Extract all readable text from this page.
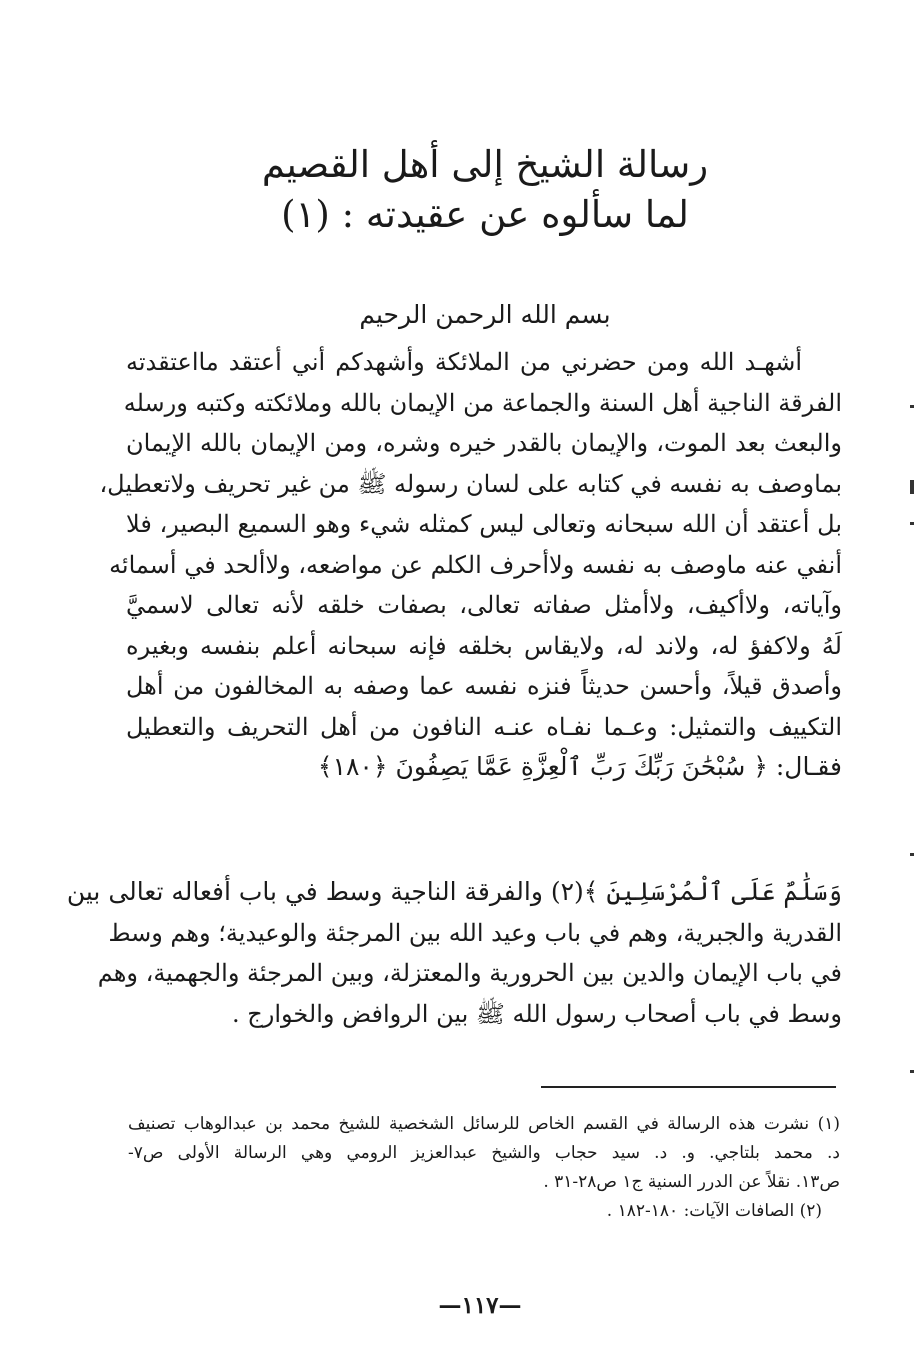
رسالة الشيخ إلى أهل القصيم
لما سألوه عن عقيدته : (١)
بسم الله الرحمن الرحيم
أشهـد الله ومن حضرني من الملائكة وأشهدكم أني أعتقد مااعتقدته
الفرقة الناجية أهل السنة والجماعة من الإيمان بالله وملائكته وكتبه ورسله
والبعث بعد الموت، والإيمان بالقدر خيره وشره، ومن الإيمان بالله الإيمان
بماوصف به نفسه في كتابه على لسان رسوله ﷺ من غير تحريف ولاتعطيل،
بل أعتقد أن الله سبحانه وتعالى ليس كمثله شيء وهو السميع البصير، فلا
أنفي عنه ماوصف به نفسه ولاأحرف الكلم عن مواضعه، ولاألحد في أسمائه
وآياته، ولاأكيف، ولاأمثل صفاته تعالى، بصفات خلقه لأنه تعالى لاسميَّ
لَهُ ولاكفؤ له، ولاند له، ولايقاس بخلقه فإنه سبحانه أعلم بنفسه وبغيره
وأصدق قيلاً، وأحسن حديثاً فنزه نفسه عما وصفه به المخالفون من أهل
التكييف والتمثيل: وعـما نفـاه عنـه النافون من أهل التحريف والتعطيل
فقـال: ﴿ سُبْحَٰنَ رَبِّكَ رَبِّ ٱلْعِزَّةِ عَمَّا يَصِفُونَ ﴿١٨٠﴾
وَسَلَٰمٌ عَلَى ٱلْمُرْسَلِينَ ﴾(٢) والفرقة الناجية وسط في باب أفعاله تعالى بين
القدرية والجبرية، وهم في باب وعيد الله بين المرجئة والوعيدية؛ وهم وسط
في باب الإيمان والدين بين الحرورية والمعتزلة، وبين المرجئة والجهمية، وهم
وسط في باب أصحاب رسول الله ﷺ بين الروافض والخوارج .
(١) نشرت هذه الرسالة في القسم الخاص للرسائل الشخصية للشيخ محمد بن عبدالوهاب تصنيف
د. محمد بلتاجي. و. د. سيد حجاب والشيخ عبدالعزيز الرومي وهي الرسالة الأولى ص٧-
ص١٣. نقلاً عن الدرر السنية ج١ ص٢٨-٣١ .
(٢) الصافات الآيات: ١٨٠-١٨٢ .
—١١٧—
